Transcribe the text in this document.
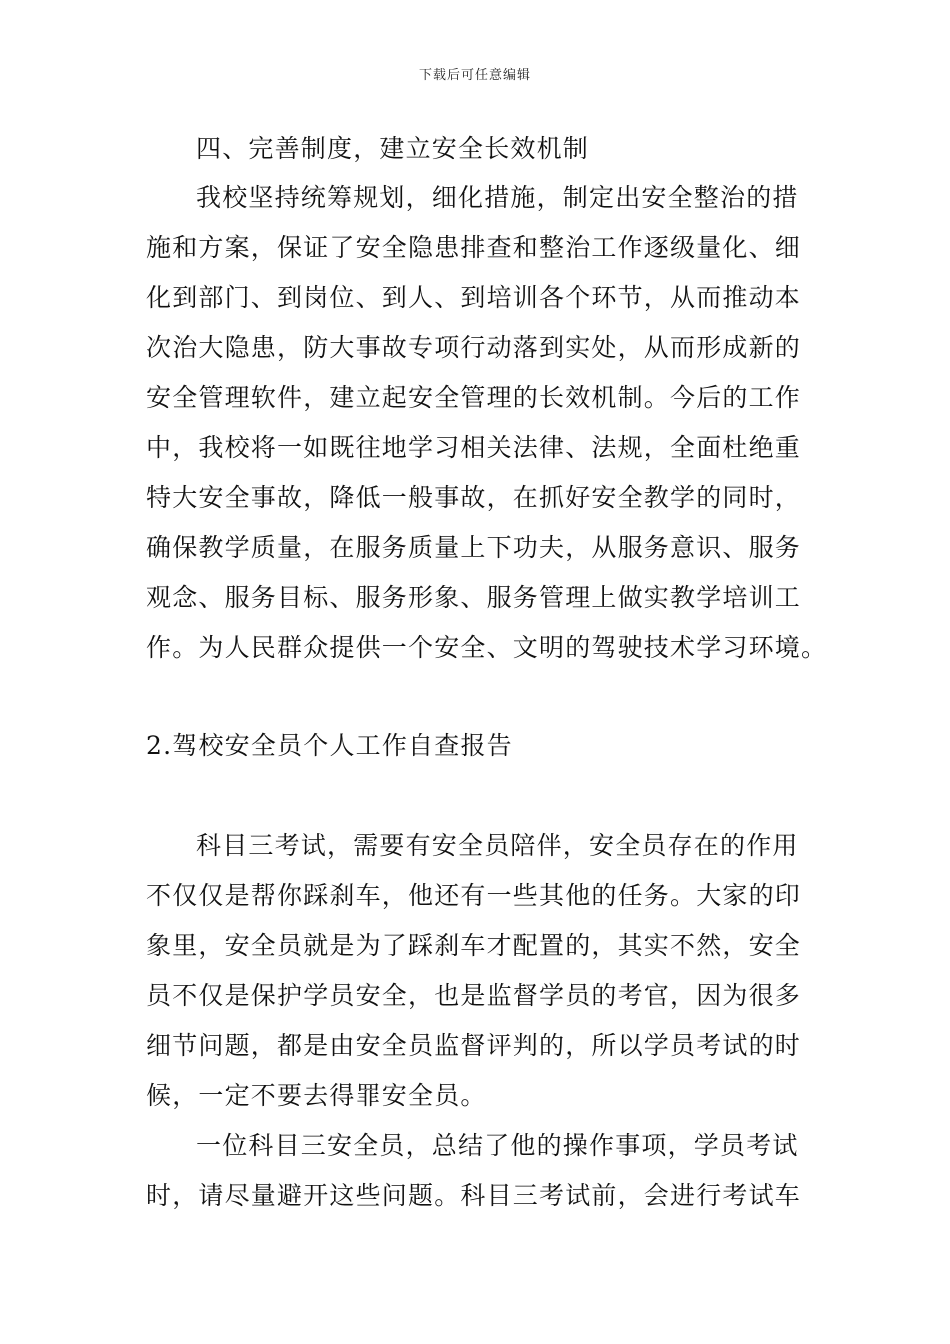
下载后可任意编辑
四、完善制度，建立安全长效机制
我校坚持统筹规划，细化措施，制定出安全整治的措
施和方案，保证了安全隐患排查和整治工作逐级量化、细
化到部门、到岗位、到人、到培训各个环节，从而推动本
次治大隐患，防大事故专项行动落到实处，从而形成新的
安全管理软件，建立起安全管理的长效机制。今后的工作
中，我校将一如既往地学习相关法律、法规，全面杜绝重
特大安全事故，降低一般事故，在抓好安全教学的同时，
确保教学质量，在服务质量上下功夫，从服务意识、服务
观念、服务目标、服务形象、服务管理上做实教学培训工
作。为人民群众提供一个安全、文明的驾驶技术学习环境。
2.驾校安全员个人工作自查报告
科目三考试，需要有安全员陪伴，安全员存在的作用
不仅仅是帮你踩刹车，他还有一些其他的任务。大家的印
象里，安全员就是为了踩刹车才配置的，其实不然，安全
员不仅是保护学员安全，也是监督学员的考官，因为很多
细节问题，都是由安全员监督评判的，所以学员考试的时
候，一定不要去得罪安全员。
一位科目三安全员，总结了他的操作事项，学员考试
时，请尽量避开这些问题。科目三考试前，会进行考试车
